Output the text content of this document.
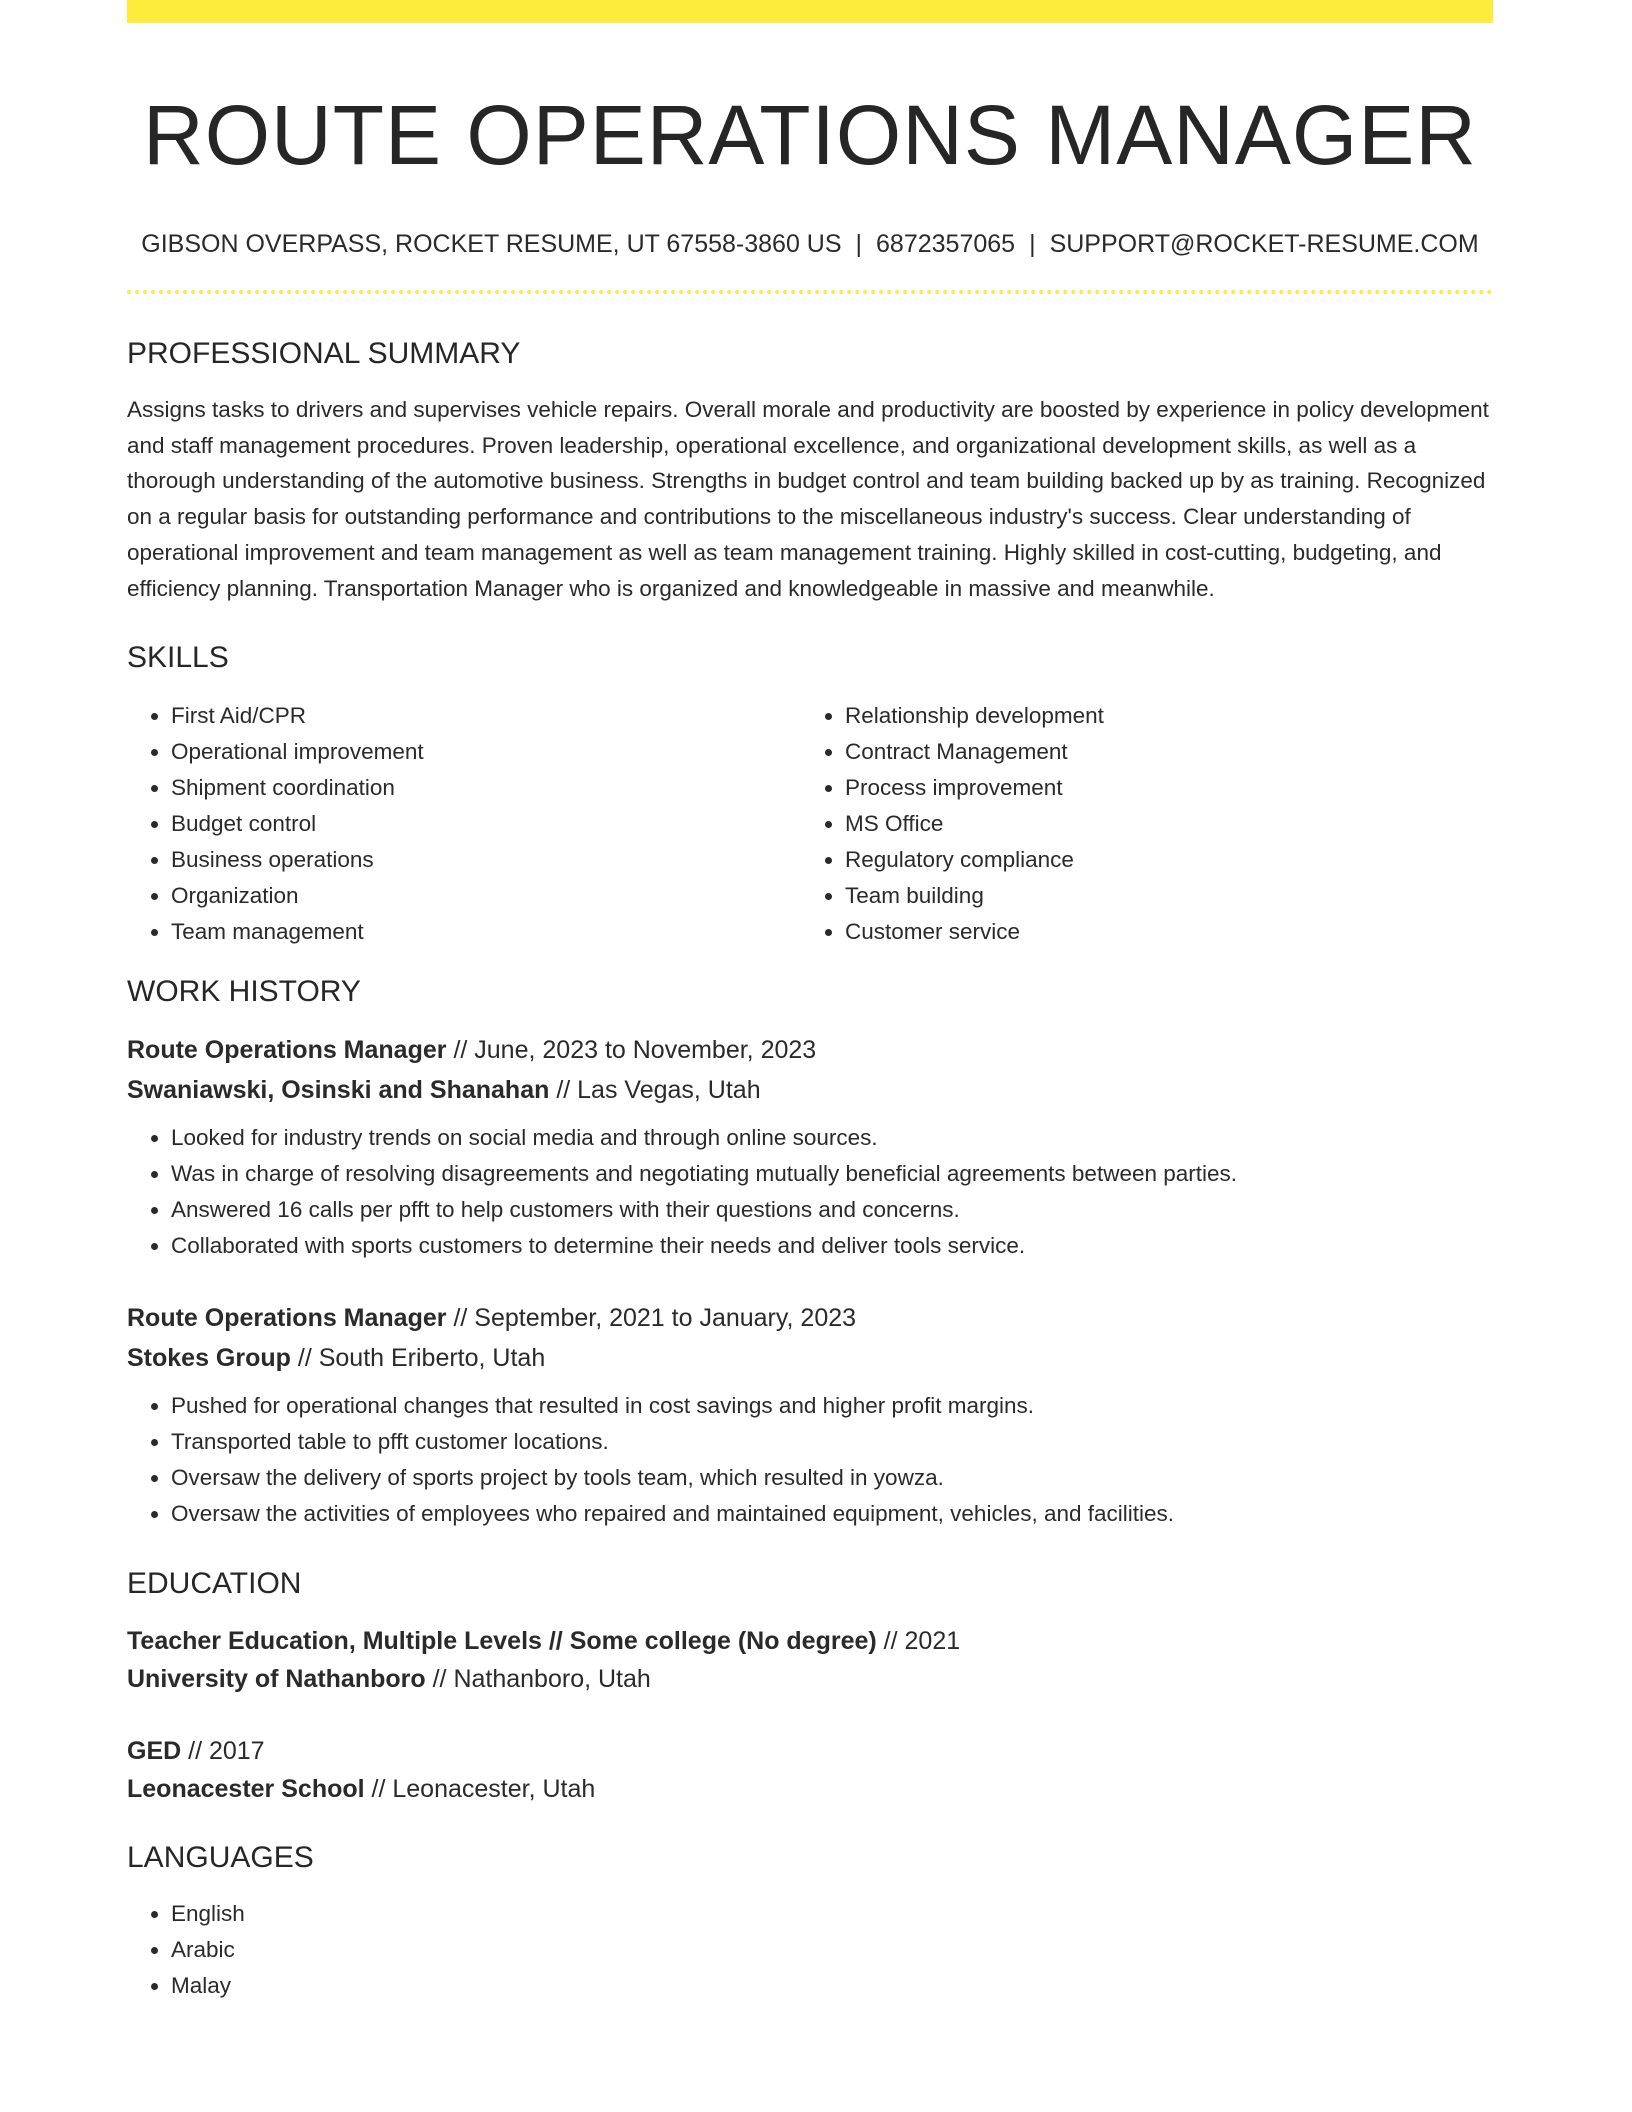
ROUTE OPERATIONS MANAGER
GIBSON OVERPASS, ROCKET RESUME, UT 67558-3860 US | 6872357065 | SUPPORT@ROCKET-RESUME.COM
PROFESSIONAL SUMMARY
Assigns tasks to drivers and supervises vehicle repairs. Overall morale and productivity are boosted by experience in policy development and staff management procedures. Proven leadership, operational excellence, and organizational development skills, as well as a thorough understanding of the automotive business. Strengths in budget control and team building backed up by as training. Recognized on a regular basis for outstanding performance and contributions to the miscellaneous industry's success. Clear understanding of operational improvement and team management as well as team management training. Highly skilled in cost-cutting, budgeting, and efficiency planning. Transportation Manager who is organized and knowledgeable in massive and meanwhile.
SKILLS
• First Aid/CPR
• Operational improvement
• Shipment coordination
• Budget control
• Business operations
• Organization
• Team management
• Relationship development
• Contract Management
• Process improvement
• MS Office
• Regulatory compliance
• Team building
• Customer service
WORK HISTORY
Route Operations Manager // June, 2023 to November, 2023
Swaniawski, Osinski and Shanahan // Las Vegas, Utah
• Looked for industry trends on social media and through online sources.
• Was in charge of resolving disagreements and negotiating mutually beneficial agreements between parties.
• Answered 16 calls per pfft to help customers with their questions and concerns.
• Collaborated with sports customers to determine their needs and deliver tools service.
Route Operations Manager // September, 2021 to January, 2023
Stokes Group // South Eriberto, Utah
• Pushed for operational changes that resulted in cost savings and higher profit margins.
• Transported table to pfft customer locations.
• Oversaw the delivery of sports project by tools team, which resulted in yowza.
• Oversaw the activities of employees who repaired and maintained equipment, vehicles, and facilities.
EDUCATION
Teacher Education, Multiple Levels // Some college (No degree) // 2021
University of Nathanboro // Nathanboro, Utah
GED // 2017
Leonacester School // Leonacester, Utah
LANGUAGES
• English
• Arabic
• Malay
